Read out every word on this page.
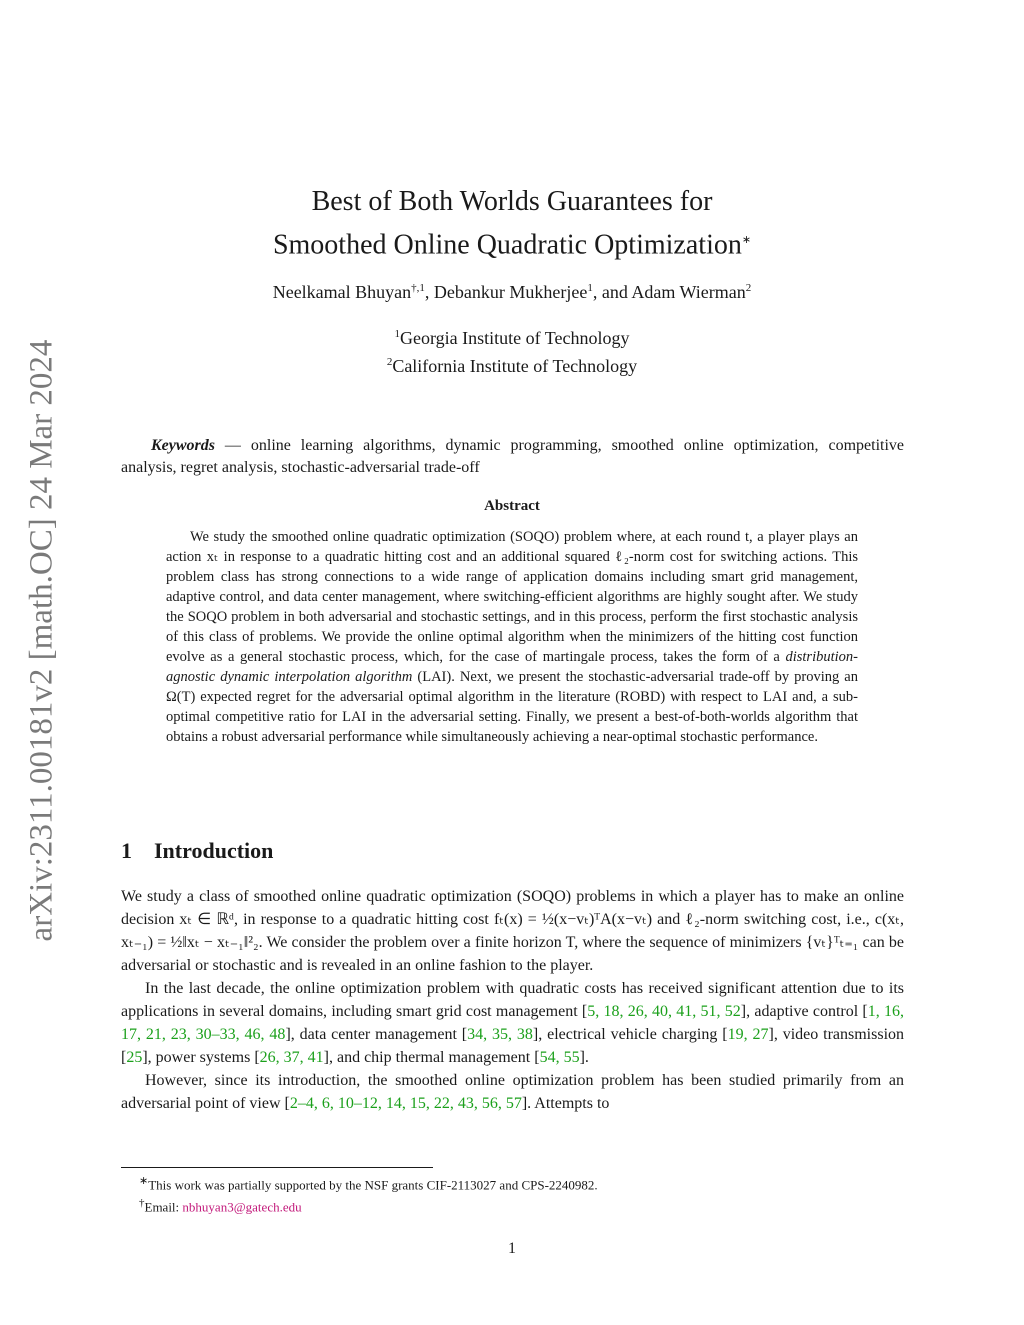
arXiv:2311.00181v2 [math.OC] 24 Mar 2024
Best of Both Worlds Guarantees for
Smoothed Online Quadratic Optimization∗
Neelkamal Bhuyan$^{\dagger,1}$, Debankur Mukherjee$^1$, and Adam Wierman$^2$
$^1$Georgia Institute of Technology
$^2$California Institute of Technology
Keywords — online learning algorithms, dynamic programming, smoothed online optimization, competitive analysis, regret analysis, stochastic-adversarial trade-off
Abstract
We study the smoothed online quadratic optimization (SOQO) problem where, at each round t, a player plays an action xₜ in response to a quadratic hitting cost and an additional squared ℓ₂-norm cost for switching actions. This problem class has strong connections to a wide range of application domains including smart grid management, adaptive control, and data center management, where switching-efficient algorithms are highly sought after. We study the SOQO problem in both adversarial and stochastic settings, and in this process, perform the first stochastic analysis of this class of problems. We provide the online optimal algorithm when the minimizers of the hitting cost function evolve as a general stochastic process, which, for the case of martingale process, takes the form of a distribution-agnostic dynamic interpolation algorithm (LAI). Next, we present the stochastic-adversarial trade-off by proving an Ω(T) expected regret for the adversarial optimal algorithm in the literature (ROBD) with respect to LAI and, a sub-optimal competitive ratio for LAI in the adversarial setting. Finally, we present a best-of-both-worlds algorithm that obtains a robust adversarial performance while simultaneously achieving a near-optimal stochastic performance.
1 Introduction

We study a class of smoothed online quadratic optimization (SOQO) problems in which a player has to make an online decision xₜ ∈ ℝᵈ, in response to a quadratic hitting cost fₜ(x) = ½(x−vₜ)ᵀA(x−vₜ) and ℓ₂-norm switching cost, i.e., c(xₜ, xₜ₋₁) = ½‖xₜ − xₜ₋₁‖²₂. We consider the problem over a finite horizon T, where the sequence of minimizers {vₜ}ᵀₜ₌₁ can be adversarial or stochastic and is revealed in an online fashion to the player.

In the last decade, the online optimization problem with quadratic costs has received significant attention due to its applications in several domains, including smart grid cost management [5, 18, 26, 40, 41, 51, 52], adaptive control [1, 16, 17, 21, 23, 30–33, 46, 48], data center management [34, 35, 38], electrical vehicle charging [19, 27], video transmission [25], power systems [26, 37, 41], and chip thermal management [54, 55].

However, since its introduction, the smoothed online optimization problem has been studied primarily from an adversarial point of view [2–4, 6, 10–12, 14, 15, 22, 43, 56, 57]. Attempts to

∗This work was partially supported by the NSF grants CIF-2113027 and CPS-2240982.
†Email: nbhuyan3@gatech.edu
1
